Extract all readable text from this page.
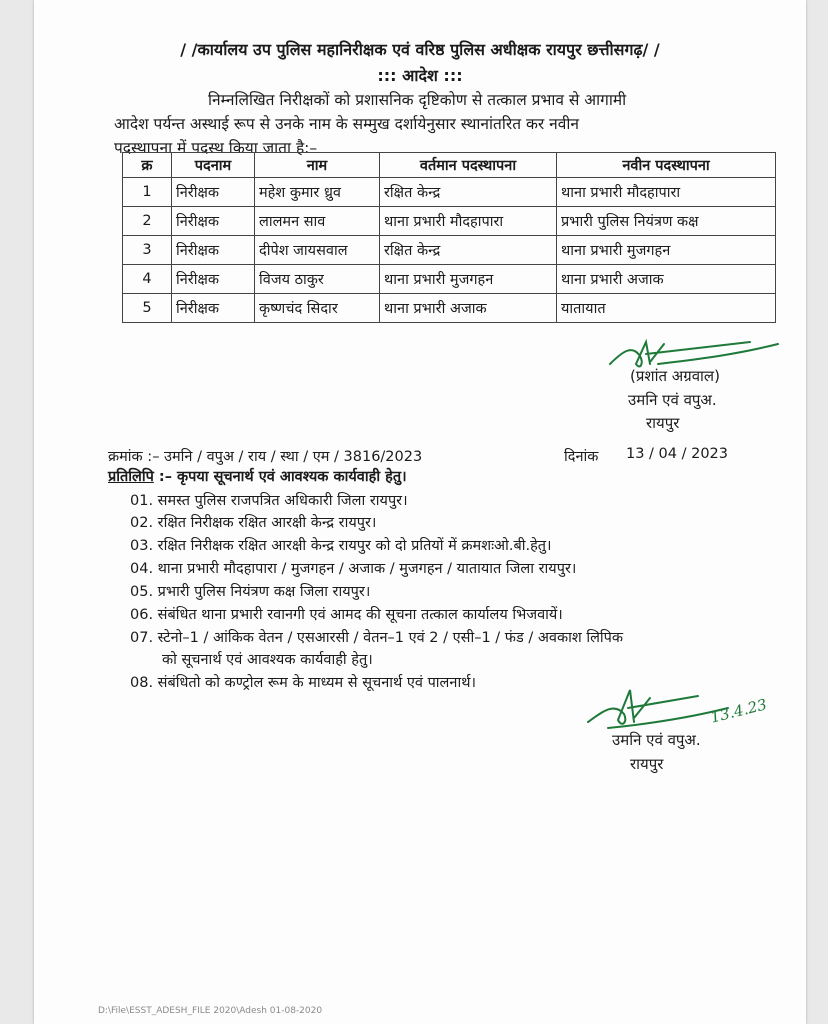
/ /कार्यालय उप पुलिस महानिरीक्षक एवं वरिष्ठ पुलिस अधीक्षक रायपुर छत्तीसगढ़/ /
::: आदेश :::
निम्नलिखित निरीक्षकों को प्रशासनिक दृष्टिकोण से तत्काल प्रभाव से आगामी
आदेश पर्यन्त अस्थाई रूप से उनके नाम के सम्मुख दर्शायेनुसार स्थानांतरित कर नवीन
पदस्थापना में पदस्थ किया जाता है:–
क्र	पदनाम	नाम	वर्तमान पदस्थापना	नवीन पदस्थापना
1	निरीक्षक	महेश कुमार ध्रुव	रक्षित केन्द्र	थाना प्रभारी मौदहापारा
2	निरीक्षक	लालमन साव	थाना प्रभारी मौदहापारा	प्रभारी पुलिस नियंत्रण कक्ष
3	निरीक्षक	दीपेश जायसवाल	रक्षित केन्द्र	थाना प्रभारी मुजगहन
4	निरीक्षक	विजय ठाकुर	थाना प्रभारी मुजगहन	थाना प्रभारी अजाक
5	निरीक्षक	कृष्णचंद सिदार	थाना प्रभारी अजाक	यातायात
(प्रशांत अग्रवाल)
उमनि एवं वपुअ.
रायपुर
क्रमांक :– उमनि / वपुअ / राय / स्था / एम / 3816/2023	दिनांक 13 / 04 / 2023
प्रतिलिपि :– कृपया सूचनार्थ एवं आवश्यक कार्यवाही हेतु।
01. समस्त पुलिस राजपत्रित अधिकारी जिला रायपुर।
02. रक्षित निरीक्षक रक्षित आरक्षी केन्द्र रायपुर।
03. रक्षित निरीक्षक रक्षित आरक्षी केन्द्र रायपुर को दो प्रतियों में क्रमशःओ.बी.हेतु।
04. थाना प्रभारी मौदहापारा / मुजगहन / अजाक / मुजगहन / यातायात जिला रायपुर।
05. प्रभारी पुलिस नियंत्रण कक्ष जिला रायपुर।
06. संबंधित थाना प्रभारी रवानगी एवं आमद की सूचना तत्काल कार्यालय भिजवायें।
07. स्टेनो–1 / आंकिक वेतन / एसआरसी / वेतन–1 एवं 2 / एसी–1 / फंड / अवकाश लिपिक
को सूचनार्थ एवं आवश्यक कार्यवाही हेतु।
08. संबंधितो को कण्ट्रोल रूम के माध्यम से सूचनार्थ एवं पालनार्थ।
13.4.23
उमनि एवं वपुअ.
रायपुर
D:\File\ESST_ADESH_FILE 2020\Adesh 01-08-2020
